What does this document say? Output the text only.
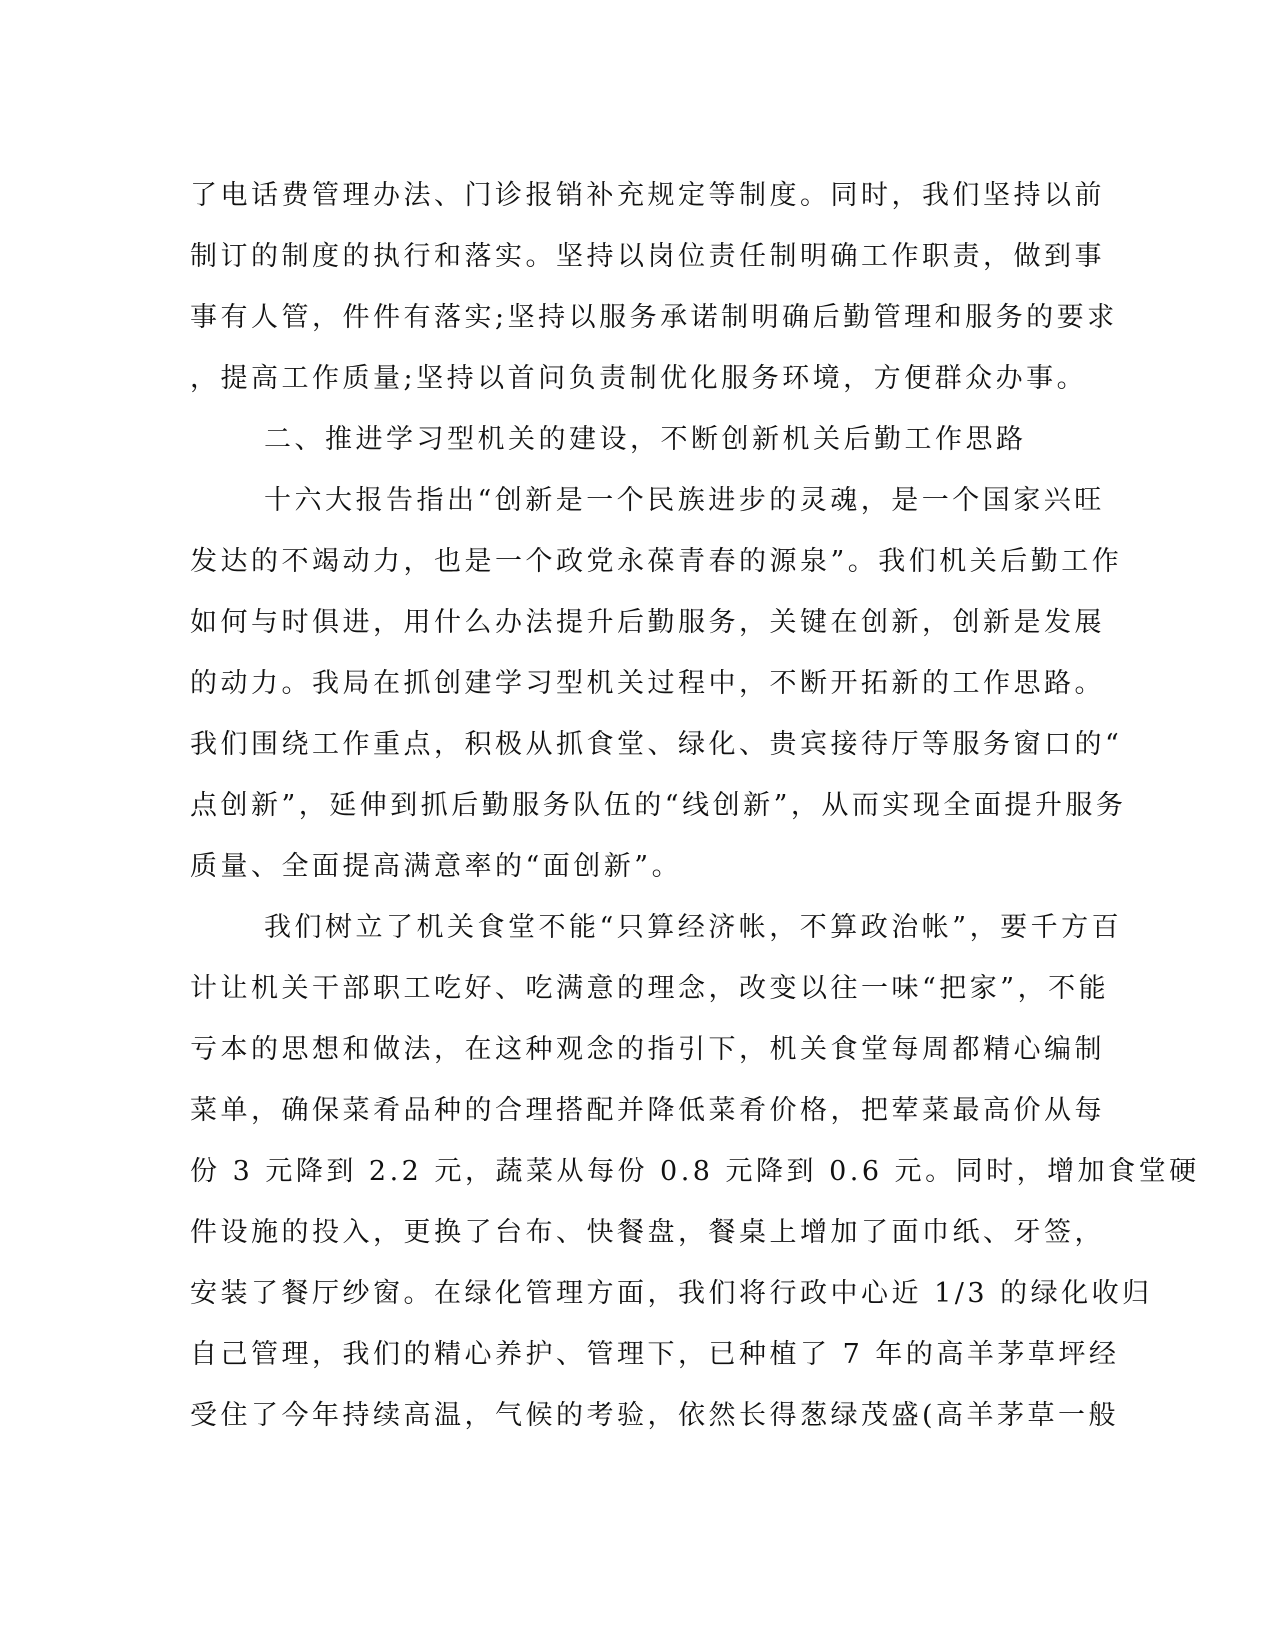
了电话费管理办法、门诊报销补充规定等制度。同时，我们坚持以前
制订的制度的执行和落实。坚持以岗位责任制明确工作职责，做到事
事有人管，件件有落实;坚持以服务承诺制明确后勤管理和服务的要求
，提高工作质量;坚持以首问负责制优化服务环境，方便群众办事。
二、推进学习型机关的建设，不断创新机关后勤工作思路
十六大报告指出“创新是一个民族进步的灵魂，是一个国家兴旺
发达的不竭动力，也是一个政党永葆青春的源泉”。我们机关后勤工作
如何与时俱进，用什么办法提升后勤服务，关键在创新，创新是发展
的动力。我局在抓创建学习型机关过程中，不断开拓新的工作思路。
我们围绕工作重点，积极从抓食堂、绿化、贵宾接待厅等服务窗口的“
点创新”，延伸到抓后勤服务队伍的“线创新”，从而实现全面提升服务
质量、全面提高满意率的“面创新”。
我们树立了机关食堂不能“只算经济帐，不算政治帐”，要千方百
计让机关干部职工吃好、吃满意的理念，改变以往一味“把家”，不能
亏本的思想和做法，在这种观念的指引下，机关食堂每周都精心编制
菜单，确保菜肴品种的合理搭配并降低菜肴价格，把荤菜最高价从每
份 3 元降到 2.2 元，蔬菜从每份 0.8 元降到 0.6 元。同时，增加食堂硬
件设施的投入，更换了台布、快餐盘，餐桌上增加了面巾纸、牙签，
安装了餐厅纱窗。在绿化管理方面，我们将行政中心近 1/3 的绿化收归
自己管理，我们的精心养护、管理下，已种植了 7 年的高羊茅草坪经
受住了今年持续高温，气候的考验，依然长得葱绿茂盛(高羊茅草一般
